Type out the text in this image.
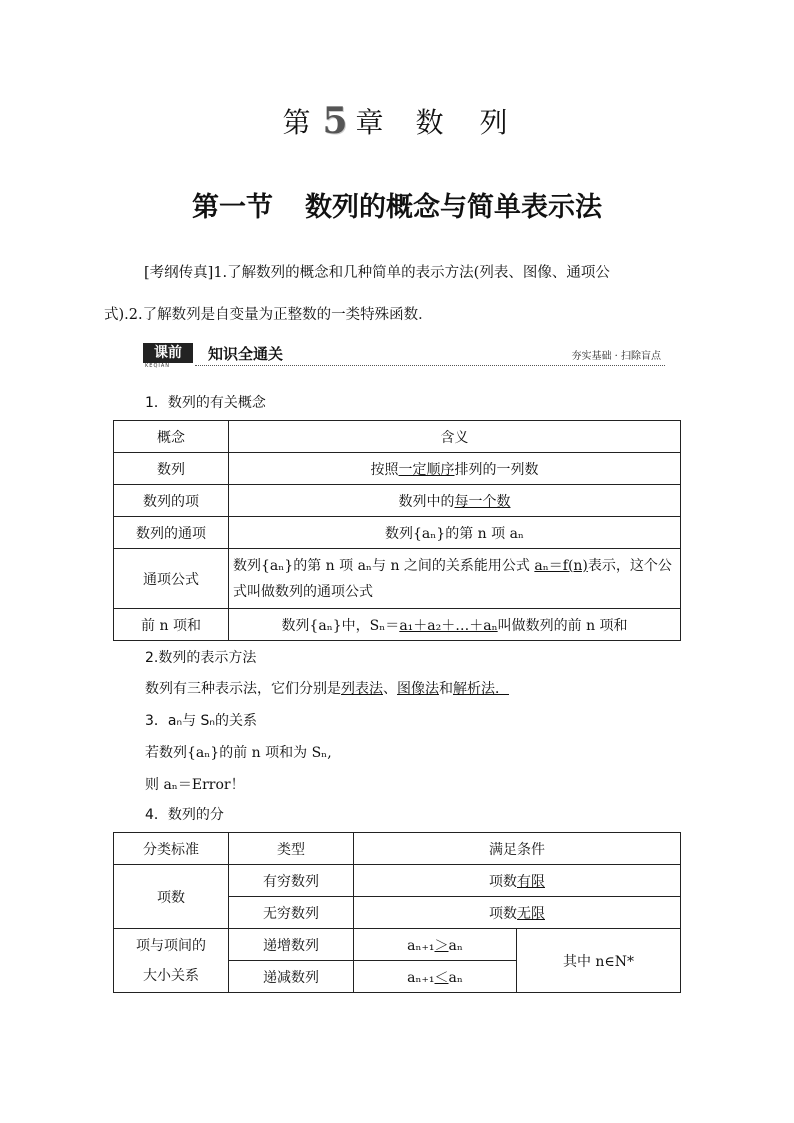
第 5 章 数　列
第一节 数列的概念与简单表示法

[考纲传真]1.了解数列的概念和几种简单的表示方法(列表、图像、通项公

式).2.了解数列是自变量为正整数的一类特殊函数．
课前
KEQIAN
知识全通关	夯实基础 · 扫除盲点
1．数列的有关概念
概念	含义
数列	按照一定顺序排列的一列数
数列的项	数列中的每一个数
数列的通项	数列{aₙ}的第 n 项 aₙ
通项公式	数列{aₙ}的第 n 项 aₙ与 n 之间的关系能用公式 aₙ＝f(n)表示，这个公式叫做数列的通项公式
前 n 项和	数列{aₙ}中，Sₙ＝a₁＋a₂＋…＋aₙ叫做数列的前 n 项和
2.数列的表示方法
数列有三种表示法，它们分别是列表法、图像法和解析法．
3．aₙ与 Sₙ的关系
若数列{aₙ}的前 n 项和为 Sₙ,
则 aₙ＝Error！

4．数列的分
分类标准	类型	满足条件	
项数	有穷数列	项数有限	
	无穷数列	项数无限	

项与项间的
大小关系	递增数列	aₙ₊₁＞aₙ	其中 n∈N*
	递减数列	aₙ₊₁＜aₙ	
